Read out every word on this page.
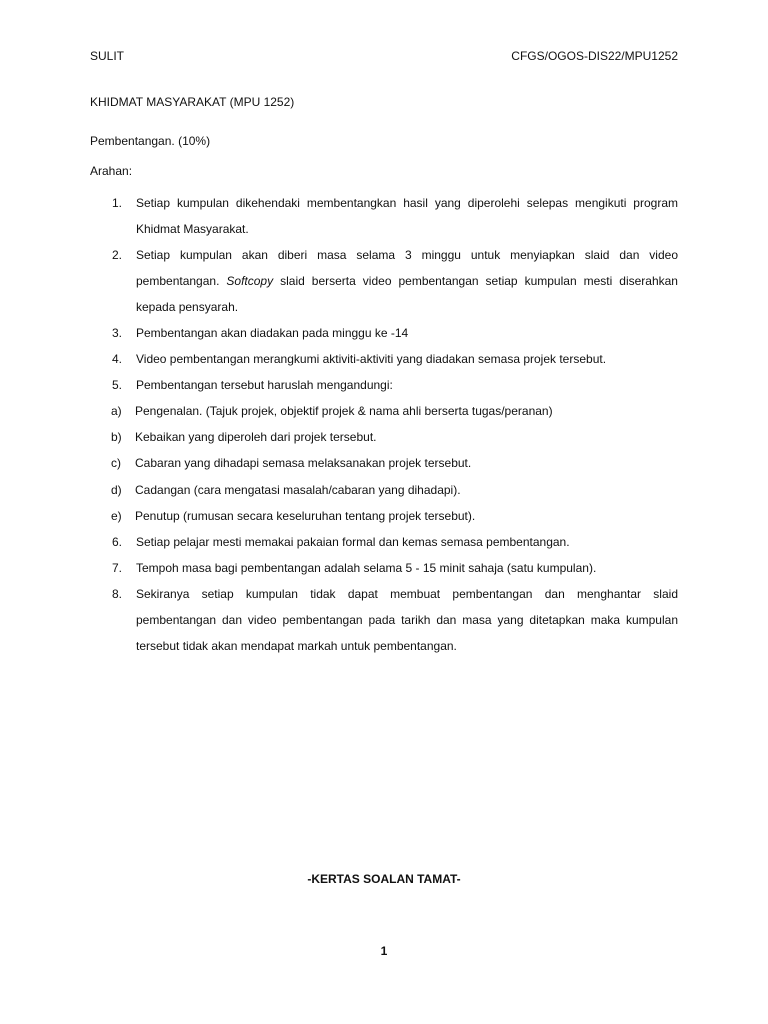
SULIT	CFGS/OGOS-DIS22/MPU1252
KHIDMAT MASYARAKAT (MPU 1252)
Pembentangan. (10%)
Arahan:
1. Setiap kumpulan dikehendaki membentangkan hasil yang diperolehi selepas mengikuti program Khidmat Masyarakat.
2. Setiap kumpulan akan diberi masa selama 3 minggu untuk menyiapkan slaid dan video pembentangan. Softcopy slaid berserta video pembentangan setiap kumpulan mesti diserahkan kepada pensyarah.
3. Pembentangan akan diadakan pada minggu ke -14
4. Video pembentangan merangkumi aktiviti-aktiviti yang diadakan semasa projek tersebut.
5. Pembentangan tersebut haruslah mengandungi:
a) Pengenalan. (Tajuk projek, objektif projek & nama ahli berserta tugas/peranan)
b) Kebaikan yang diperoleh dari projek tersebut.
c) Cabaran yang dihadapi semasa melaksanakan projek tersebut.
d) Cadangan (cara mengatasi masalah/cabaran yang dihadapi).
e) Penutup (rumusan secara keseluruhan tentang projek tersebut).
6. Setiap pelajar mesti memakai pakaian formal dan kemas semasa pembentangan.
7. Tempoh masa bagi pembentangan adalah selama 5 - 15 minit sahaja (satu kumpulan).
8. Sekiranya setiap kumpulan tidak dapat membuat pembentangan dan menghantar slaid pembentangan dan video pembentangan pada tarikh dan masa yang ditetapkan maka kumpulan tersebut tidak akan mendapat markah untuk pembentangan.
-KERTAS SOALAN TAMAT-
1
